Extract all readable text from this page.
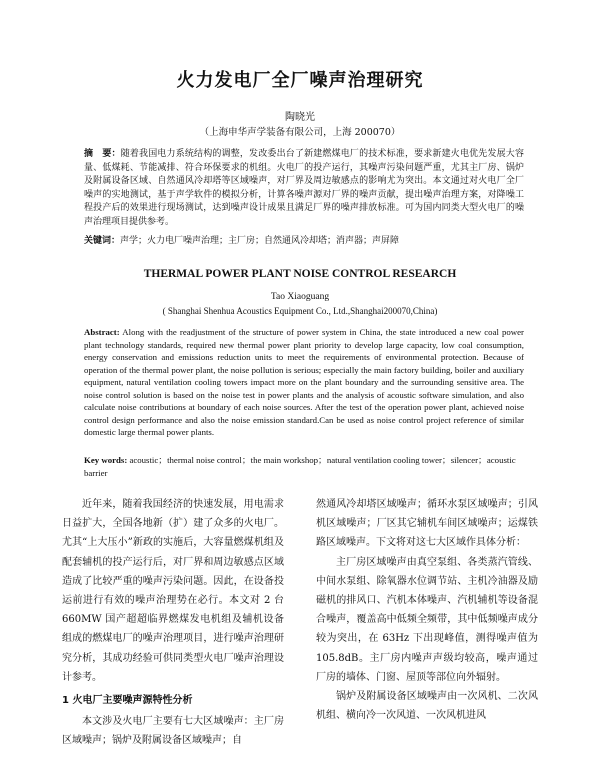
火力发电厂全厂噪声治理研究
陶晓光
（上海申华声学装备有限公司，上海 200070）
摘　要：随着我国电力系统结构的调整，发改委出台了新建燃煤电厂的技术标准，要求新建火电优先发展大容量、低煤耗、节能减排、符合环保要求的机组。火电厂的投产运行，其噪声污染问题严重，尤其主厂房、锅炉及附属设备区域、自然通风冷却塔等区域噪声，对厂界及周边敏感点的影响尤为突出。本文通过对火电厂全厂噪声的实地测试，基于声学软件的模拟分析，计算各噪声源对厂界的噪声贡献，提出噪声治理方案，对降噪工程投产后的效果进行现场测试，达到噪声设计成果且满足厂界的噪声排放标准。可为国内同类大型火电厂的噪声治理项目提供参考。
关键词：声学；火力电厂噪声治理；主厂房；自然通风冷却塔；消声器；声屏障
THERMAL POWER PLANT NOISE CONTROL RESEARCH
Tao Xiaoguang
( Shanghai Shenhua Acoustics Equipment Co., Ltd.,Shanghai200070,China)
Abstract: Along with the readjustment of the structure of power system in China, the state introduced a new coal power plant technology standards, required new thermal power plant priority to develop large capacity, low coal consumption, energy conservation and emissions reduction units to meet the requirements of environmental protection. Because of operation of the thermal power plant, the noise pollution is serious; especially the main factory building, boiler and auxiliary equipment, natural ventilation cooling towers impact more on the plant boundary and the surrounding sensitive area. The noise control solution is based on the noise test in power plants and the analysis of acoustic software simulation, and also calculate noise contributions at boundary of each noise sources. After the test of the operation power plant, achieved noise control design performance and also the noise emission standard.Can be used as noise control project reference of similar domestic large thermal power plants.
Key words: acoustic；thermal noise control；the main workshop；natural ventilation cooling tower；silencer；acoustic barrier

近年来，随着我国经济的快速发展，用电需求日益扩大，全国各地新（扩）建了众多的火电厂。尤其“上大压小”新政的实施后，大容量燃煤机组及配套辅机的投产运行后，对厂界和周边敏感点区域造成了比较严重的噪声污染问题。因此，在设备投运前进行有效的噪声治理势在必行。本文对 2 台 660MW 国产超超临界燃煤发电机组及辅机设备组成的燃煤电厂的噪声治理项目，进行噪声治理研究分析，其成功经验可供同类型火电厂噪声治理设计参考。

1 火电厂主要噪声源特性分析

本文涉及火电厂主要有七大区域噪声：主厂房区域噪声；锅炉及附属设备区域噪声；自

然通风冷却塔区域噪声；循环水泵区域噪声；引风机区域噪声；厂区其它辅机车间区域噪声；运煤铁路区域噪声。下文将对这七大区域作具体分析：

主厂房区域噪声由真空泵组、各类蒸汽管线、中间水泵组、除氧器水位调节站、主机冷油器及励磁机的排风口、汽机本体噪声、汽机辅机等设备混合噪声，覆盖高中低频全频带，其中低频噪声成分较为突出，在 63Hz 下出现峰值，测得噪声值为 105.8dB。主厂房内噪声声级均较高，噪声通过厂房的墙体、门窗、屋顶等部位向外辐射。

锅炉及附属设备区域噪声由一次风机、二次风机组、横向冷一次风道、一次风机进风
